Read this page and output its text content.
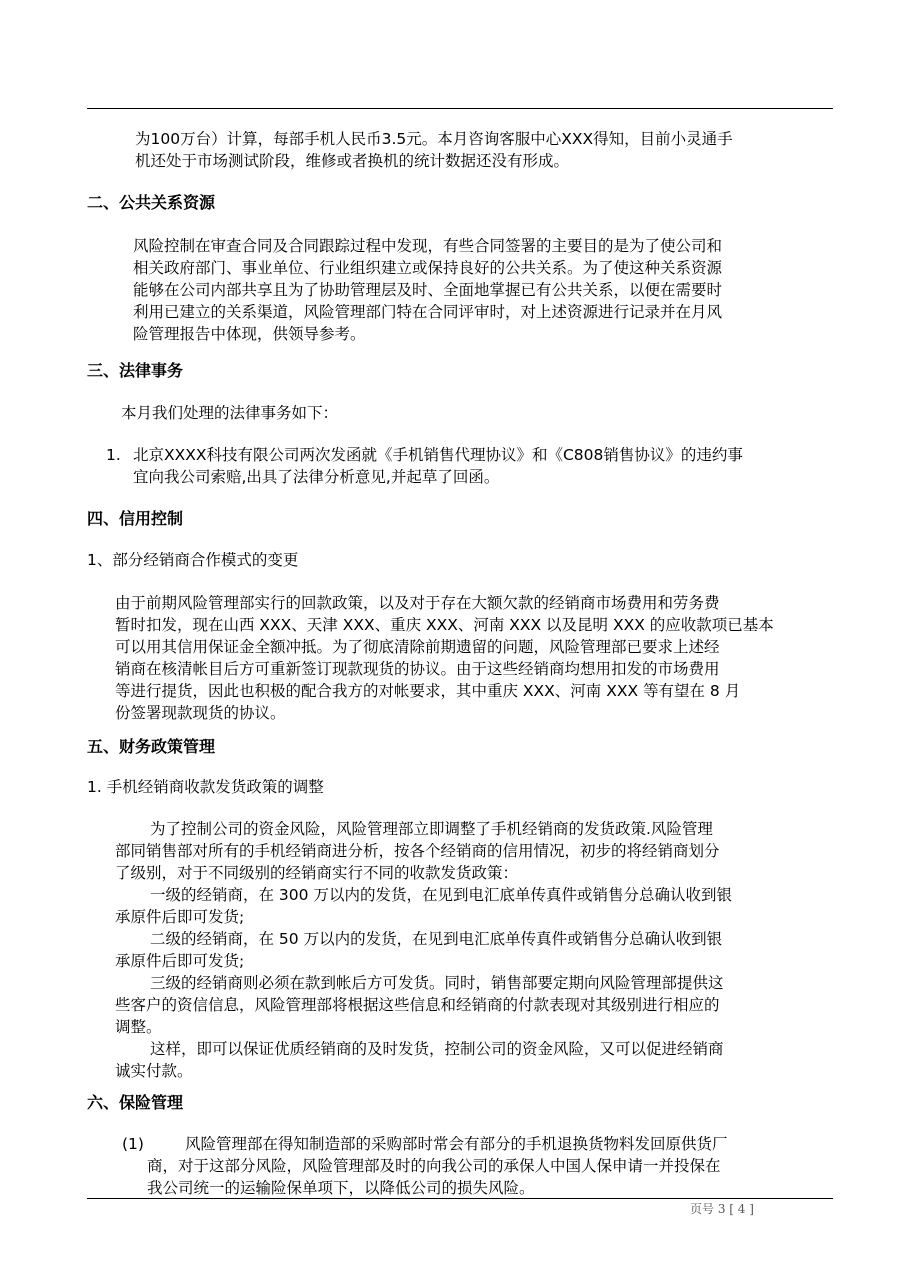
为100万台）计算，每部手机人民币3.5元。本月咨询客服中心XXX得知，目前小灵通手
机还处于市场测试阶段，维修或者换机的统计数据还没有形成。
二、公共关系资源
风险控制在审查合同及合同跟踪过程中发现，有些合同签署的主要目的是为了使公司和
相关政府部门、事业单位、行业组织建立或保持良好的公共关系。为了使这种关系资源
能够在公司内部共享且为了协助管理层及时、全面地掌握已有公共关系，以便在需要时
利用已建立的关系渠道，风险管理部门特在合同评审时，对上述资源进行记录并在月风
险管理报告中体现，供领导参考。
三、法律事务
本月我们处理的法律事务如下：
1. 北京XXXX科技有限公司两次发函就《手机销售代理协议》和《C808销售协议》的违约事
宜向我公司索赔,出具了法律分析意见,并起草了回函。
四、信用控制
1、部分经销商合作模式的变更
由于前期风险管理部实行的回款政策，以及对于存在大额欠款的经销商市场费用和劳务费
暂时扣发，现在山西 XXX、天津 XXX、重庆 XXX、河南 XXX 以及昆明 XXX 的应收款项已基本
可以用其信用保证金全额冲抵。为了彻底清除前期遗留的问题，风险管理部已要求上述经
销商在核清帐目后方可重新签订现款现货的协议。由于这些经销商均想用扣发的市场费用
等进行提货，因此也积极的配合我方的对帐要求，其中重庆 XXX、河南 XXX 等有望在 8 月
份签署现款现货的协议。
五、财务政策管理
1. 手机经销商收款发货政策的调整
为了控制公司的资金风险，风险管理部立即调整了手机经销商的发货政策.风险管理
部同销售部对所有的手机经销商进分析，按各个经销商的信用情况，初步的将经销商划分
了级别，对于不同级别的经销商实行不同的收款发货政策：
一级的经销商，在 300 万以内的发货，在见到电汇底单传真件或销售分总确认收到银
承原件后即可发货;
二级的经销商，在 50 万以内的发货，在见到电汇底单传真件或销售分总确认收到银
承原件后即可发货;
三级的经销商则必须在款到帐后方可发货。同时，销售部要定期向风险管理部提供这
些客户的资信信息，风险管理部将根据这些信息和经销商的付款表现对其级别进行相应的
调整。
这样，即可以保证优质经销商的及时发货，控制公司的资金风险，又可以促进经销商
诚实付款。
六、保险管理
(1)	风险管理部在得知制造部的采购部时常会有部分的手机退换货物料发回原供货厂
商，对于这部分风险，风险管理部及时的向我公司的承保人中国人保申请一并投保在
我公司统一的运输险保单项下，以降低公司的损失风险。
页号 3 [ 4 ]
